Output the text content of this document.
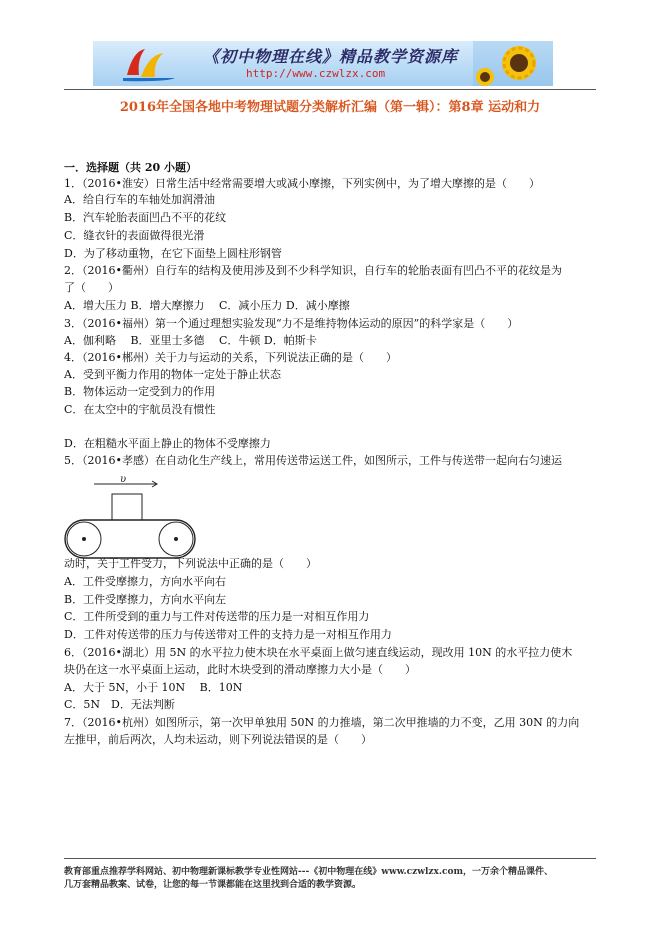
《初中物理在线》精品教学资源库
http://www.czwlzx.com
2016年全国各地中考物理试题分类解析汇编（第一辑）：第8章 运动和力
一．选择题（共 20 小题）
1．（2016•淮安）日常生活中经常需要增大或减小摩擦，下列实例中，为了增大摩擦的是（　　）
A．给自行车的车轴处加润滑油
B．汽车轮胎表面凹凸不平的花纹
C．缝衣针的表面做得很光滑
D．为了移动重物，在它下面垫上圆柱形钢管
2．（2016•衢州）自行车的结构及使用涉及到不少科学知识，自行车的轮胎表面有凹凸不平的花纹是为
了（　　）
A．增大压力 B．增大摩擦力　 C．减小压力 D．减小摩擦
3．（2016•福州）第一个通过理想实验发现“力不是维持物体运动的原因”的科学家是（　　）
A．伽利略　 B．亚里士多德　 C．牛顿 D．帕斯卡
4．（2016•郴州）关于力与运动的关系，下列说法正确的是（　　）
A．受到平衡力作用的物体一定处于静止状态
B．物体运动一定受到力的作用
C．在太空中的宇航员没有惯性
D．在粗糙水平面上静止的物体不受摩擦力
5．（2016•孝感）在自动化生产线上，常用传送带运送工件，如图所示，工件与传送带一起向右匀速运
动时，关于工件受力，下列说法中正确的是（　　）
A．工件受摩擦力，方向水平向右
B．工件受摩擦力，方向水平向左
C．工件所受到的重力与工件对传送带的压力是一对相互作用力
D．工件对传送带的压力与传送带对工件的支持力是一对相互作用力
6．（2016•湖北）用 5N 的水平拉力使木块在水平桌面上做匀速直线运动，现改用 10N 的水平拉力使木
块仍在这一水平桌面上运动，此时木块受到的滑动摩擦力大小是（　　）
A．大于 5N，小于 10N　 B．10N
C．5N　D．无法判断
7．（2016•杭州）如图所示，第一次甲单独用 50N 的力推墙，第二次甲推墙的力不变，乙用 30N 的力向
左推甲，前后两次，人均未运动，则下列说法错误的是（　　）
υ
教育部重点推荐学科网站、初中物理新课标教学专业性网站---《初中物理在线》www.czwlzx.com，一万余个精品课件、
几万套精品教案、试卷，让您的每一节课都能在这里找到合适的教学资源。
